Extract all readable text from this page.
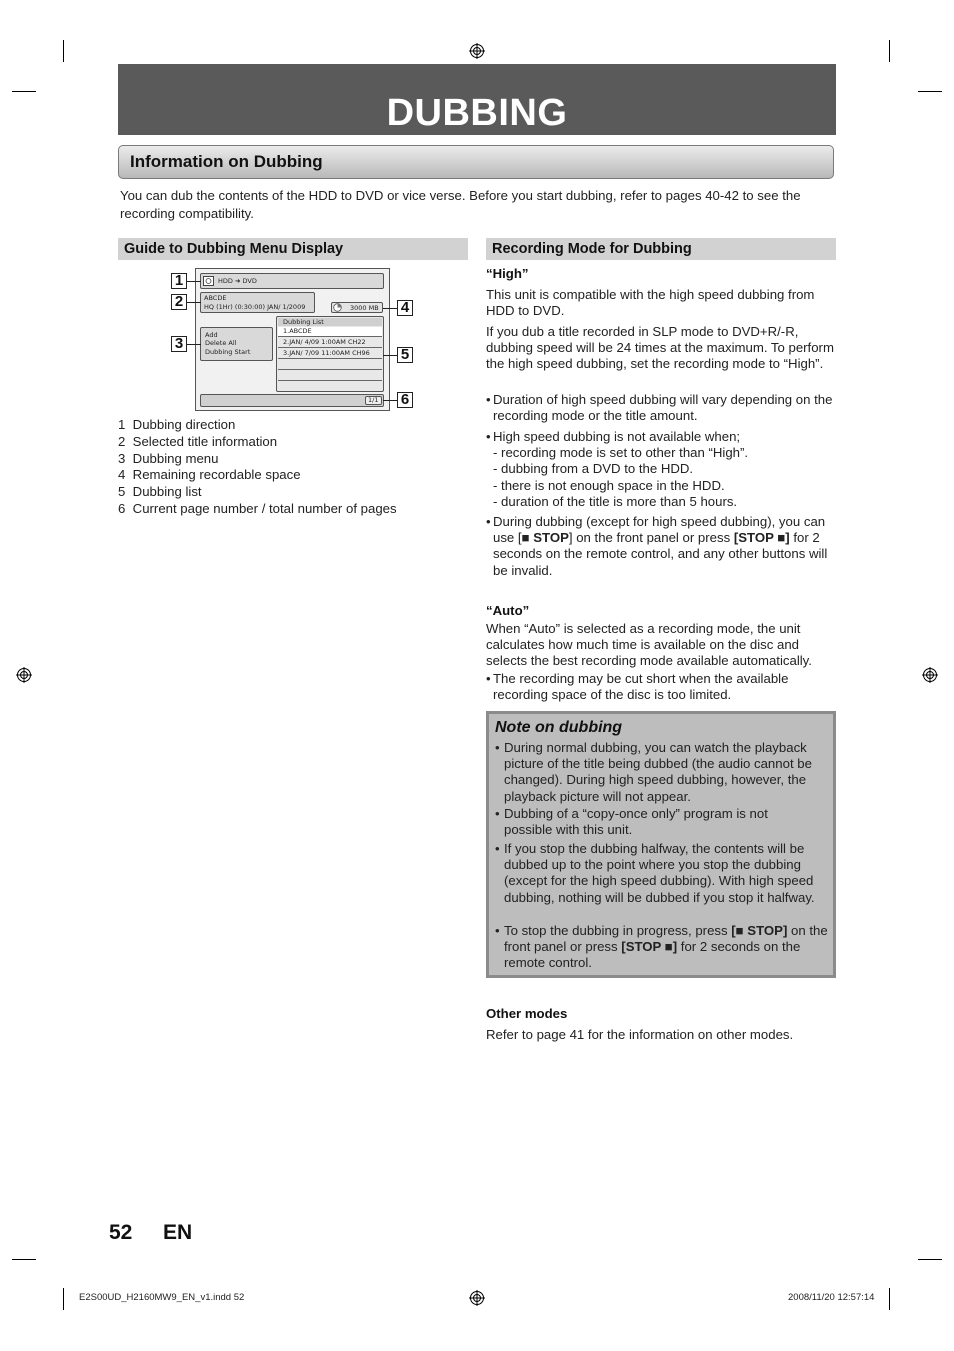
DUBBING
Information on Dubbing
You can dub the contents of the HDD to DVD or vice verse. Before you start dubbing, refer to pages 40-42 to see the recording compatibility.
Guide to Dubbing Menu Display
HDD ➜ DVD
ABCDE
HQ (1Hr) (0:30:00) JAN/ 1/2009	3000 MB
Add
Delete All
Dubbing Start
Dubbing List
1.ABCDE
2.JAN/ 4/09 1:00AM CH22
3.JAN/ 7/09 11:00AM CH96
1/1
1
2
3
4
5
6
1 Dubbing direction
2 Selected title information
3 Dubbing menu
4 Remaining recordable space
5 Dubbing list
6 Current page number / total number of pages
Recording Mode for Dubbing
“High”
This unit is compatible with the high speed dubbing from HDD to DVD.
If you dub a title recorded in SLP mode to DVD+R/-R, dubbing speed will be 24 times at the maximum. To perform the high speed dubbing, set the recording mode to “High”.
• Duration of high speed dubbing will vary depending on the recording mode or the title amount.
• High speed dubbing is not available when;
- recording mode is set to other than “High”.
- dubbing from a DVD to the HDD.
- there is not enough space in the HDD.
- duration of the title is more than 5 hours.
• During dubbing (except for high speed dubbing), you can use [■ STOP] on the front panel or press [STOP ■] for 2 seconds on the remote control, and any other buttons will be invalid.
“Auto”
When “Auto” is selected as a recording mode, the unit calculates how much time is available on the disc and selects the best recording mode available automatically.
• The recording may be cut short when the available recording space of the disc is too limited.
Note on dubbing
• During normal dubbing, you can watch the playback picture of the title being dubbed (the audio cannot be changed). During high speed dubbing, however, the playback picture will not appear.
• Dubbing of a “copy-once only” program is not possible with this unit.
• If you stop the dubbing halfway, the contents will be dubbed up to the point where you stop the dubbing (except for the high speed dubbing). With high speed dubbing, nothing will be dubbed if you stop it halfway.
• To stop the dubbing in progress, press [■ STOP] on the front panel or press [STOP ■] for 2 seconds on the remote control.
Other modes
Refer to page 41 for the information on other modes.
52 EN
E2S00UD_H2160MW9_EN_v1.indd 52	2008/11/20 12:57:14
